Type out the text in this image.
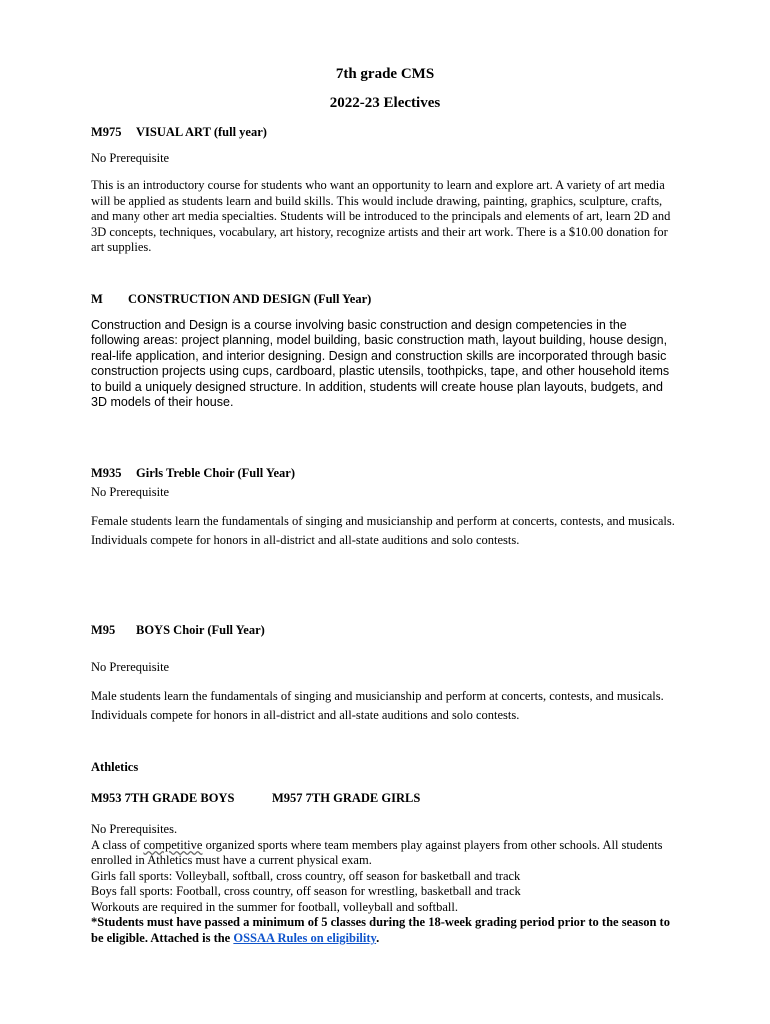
7th grade CMS
2022-23 Electives
M975 VISUAL ART (full year)
No Prerequisite
This is an introductory course for students who want an opportunity to learn and explore art. A variety of art media
will be applied as students learn and build skills. This would include drawing, painting, graphics, sculpture, crafts,
and many other art media specialties. Students will be introduced to the principals and elements of art, learn 2D and
3D concepts, techniques, vocabulary, art history, recognize artists and their art work. There is a $10.00 donation for
art supplies.
M CONSTRUCTION AND DESIGN (Full Year)
Construction and Design is a course involving basic construction and design competencies in the
following areas: project planning, model building, basic construction math, layout building, house design,
real-life application, and interior designing. Design and construction skills are incorporated through basic
construction projects using cups, cardboard, plastic utensils, toothpicks, tape, and other household items
to build a uniquely designed structure. In addition, students will create house plan layouts, budgets, and
3D models of their house.
M935 Girls Treble Choir (Full Year)
No Prerequisite
Female students learn the fundamentals of singing and musicianship and perform at concerts, contests, and musicals.
Individuals compete for honors in all-district and all-state auditions and solo contests.
M95 BOYS Choir (Full Year)
No Prerequisite
Male students learn the fundamentals of singing and musicianship and perform at concerts, contests, and musicals.
Individuals compete for honors in all-district and all-state auditions and solo contests.
Athletics
M953 7TH GRADE BOYS	M957 7TH GRADE GIRLS
No Prerequisites.
A class of competitive organized sports where team members play against players from other schools. All students
enrolled in Athletics must have a current physical exam.
Girls fall sports: Volleyball, softball, cross country, off season for basketball and track
Boys fall sports: Football, cross country, off season for wrestling, basketball and track
Workouts are required in the summer for football, volleyball and softball.
*Students must have passed a minimum of 5 classes during the 18-week grading period prior to the season to
be eligible. Attached is the OSSAA Rules on eligibility.
